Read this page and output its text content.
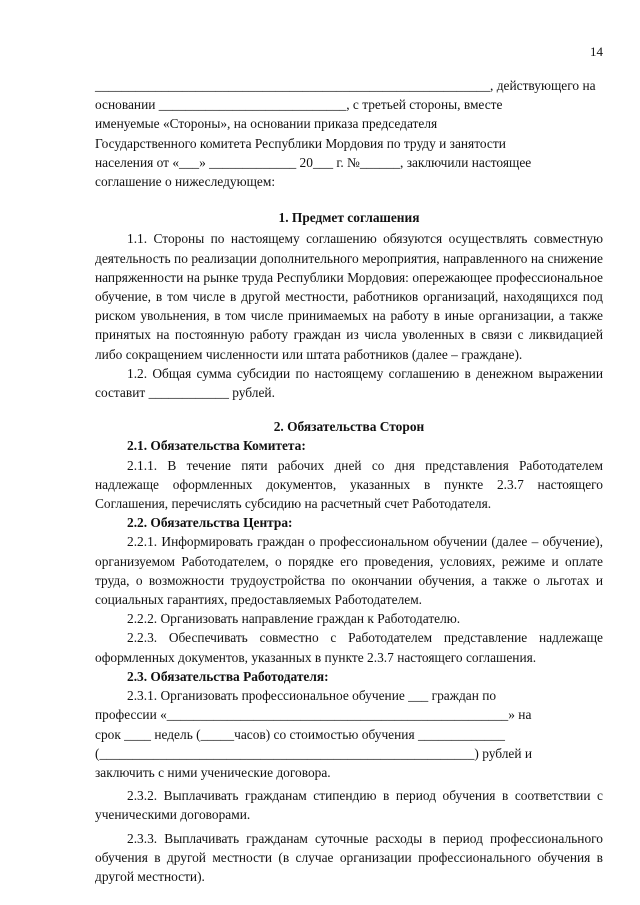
14

___________________________________________________________, действующего на

основании ____________________________, с третьей стороны, вместе

именуемые «Стороны», на основании приказа председателя

Государственного комитета Республики Мордовия по труду и занятости

населения от «___» _____________ 20___ г. №______, заключили настоящее

соглашение о нижеследующем:

1. Предмет соглашения

1.1. Стороны по настоящему соглашению обязуются осуществлять совместную деятельность по реализации дополнительного мероприятия, направленного на снижение напряженности на рынке труда Республики Мордовия: опережающее профессиональное обучение, в том числе в другой местности, работников организаций, находящихся под риском увольнения, в том числе принимаемых на работу в иные организации, а также принятых на постоянную работу граждан из числа уволенных в связи с ликвидацией либо сокращением численности или штата работников (далее – граждане).

1.2. Общая сумма субсидии по настоящему соглашению в денежном выражении составит ____________ рублей.

2. Обязательства Сторон

2.1. Обязательства Комитета:

2.1.1. В течение пяти рабочих дней со дня представления Работодателем надлежаще оформленных документов, указанных в пункте 2.3.7 настоящего Соглашения, перечислять субсидию на расчетный счет Работодателя.

2.2. Обязательства Центра:

2.2.1. Информировать граждан о профессиональном обучении (далее – обучение), организуемом Работодателем, о порядке его проведения, условиях, режиме и оплате труда, о возможности трудоустройства по окончании обучения, а также о льготах и социальных гарантиях, предоставляемых Работодателем.

2.2.2. Организовать направление граждан к Работодателю.

2.2.3. Обеспечивать совместно с Работодателем представление надлежаще оформленных документов, указанных в пункте 2.3.7 настоящего соглашения.

2.3. Обязательства Работодателя:

2.3.1. Организовать профессиональное обучение ___ граждан по

профессии «___________________________________________________» на

срок ____ недель (_____часов) со стоимостью обучения _____________

(________________________________________________________) рублей и

заключить с ними ученические договора.

2.3.2. Выплачивать гражданам стипендию в период обучения в соответствии с ученическими договорами.

2.3.3. Выплачивать гражданам суточные расходы в период профессионального обучения в другой местности (в случае организации профессионального обучения в другой местности).
